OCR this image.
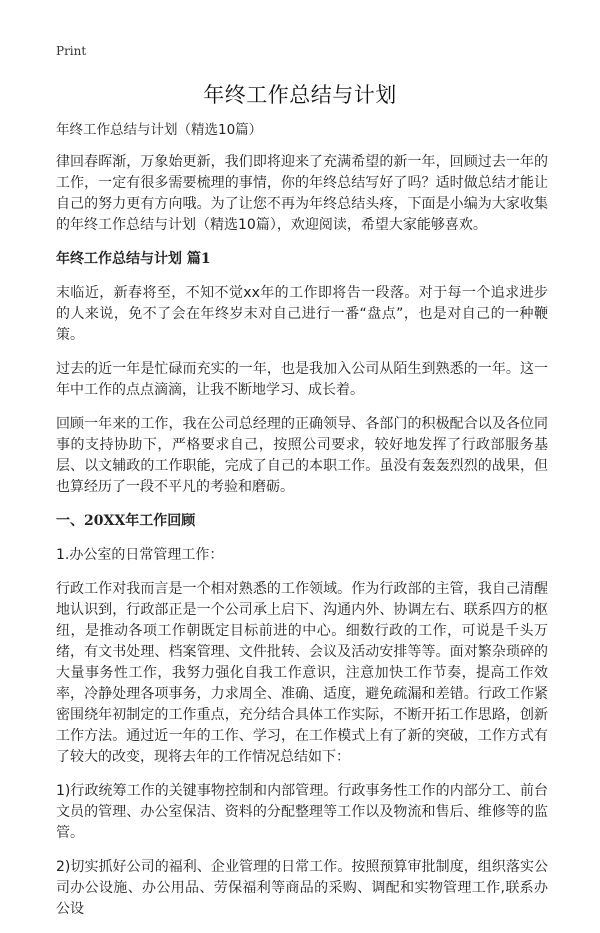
Print
年终工作总结与计划
年终工作总结与计划（精选10篇）

律回春晖渐，万象始更新，我们即将迎来了充满希望的新一年，回顾过去一年的工作，一定有很多需要梳理的事情，你的年终总结写好了吗？适时做总结才能让自己的努力更有方向哦。为了让您不再为年终总结头疼，下面是小编为大家收集的年终工作总结与计划（精选10篇），欢迎阅读，希望大家能够喜欢。

年终工作总结与计划 篇1

末临近，新春将至，不知不觉xx年的工作即将告一段落。对于每一个追求进步的人来说，免不了会在年终岁末对自己进行一番“盘点”，也是对自己的一种鞭策。

过去的近一年是忙碌而充实的一年，也是我加入公司从陌生到熟悉的一年。这一年中工作的点点滴滴，让我不断地学习、成长着。

回顾一年来的工作，我在公司总经理的正确领导、各部门的积极配合以及各位同事的支持协助下，严格要求自己，按照公司要求，较好地发挥了行政部服务基层、以文辅政的工作职能，完成了自己的本职工作。虽没有轰轰烈烈的战果，但也算经历了一段不平凡的考验和磨砺。

一、20XX年工作回顾

1.办公室的日常管理工作：

行政工作对我而言是一个相对熟悉的工作领域。作为行政部的主管，我自己清醒地认识到，行政部正是一个公司承上启下、沟通内外、协调左右、联系四方的枢纽，是推动各项工作朝既定目标前进的中心。细数行政的工作，可说是千头万绪，有文书处理、档案管理、文件批转、会议及活动安排等等。面对繁杂琐碎的大量事务性工作，我努力强化自我工作意识，注意加快工作节奏，提高工作效率，冷静处理各项事务，力求周全、准确、适度，避免疏漏和差错。行政工作紧密围绕年初制定的工作重点，充分结合具体工作实际，不断开拓工作思路，创新工作方法。通过近一年的工作、学习，在工作模式上有了新的突破，工作方式有了较大的改变，现将去年的工作情况总结如下：

1)行政统筹工作的关键事物控制和内部管理。行政事务性工作的内部分工、前台文员的管理、办公室保洁、资料的分配整理等工作以及物流和售后、维修等的监管。

2)切实抓好公司的福利、企业管理的日常工作。按照预算审批制度，组织落实公司办公设施、办公用品、劳保福利等商品的采购、调配和实物管理工作,联系办公设
